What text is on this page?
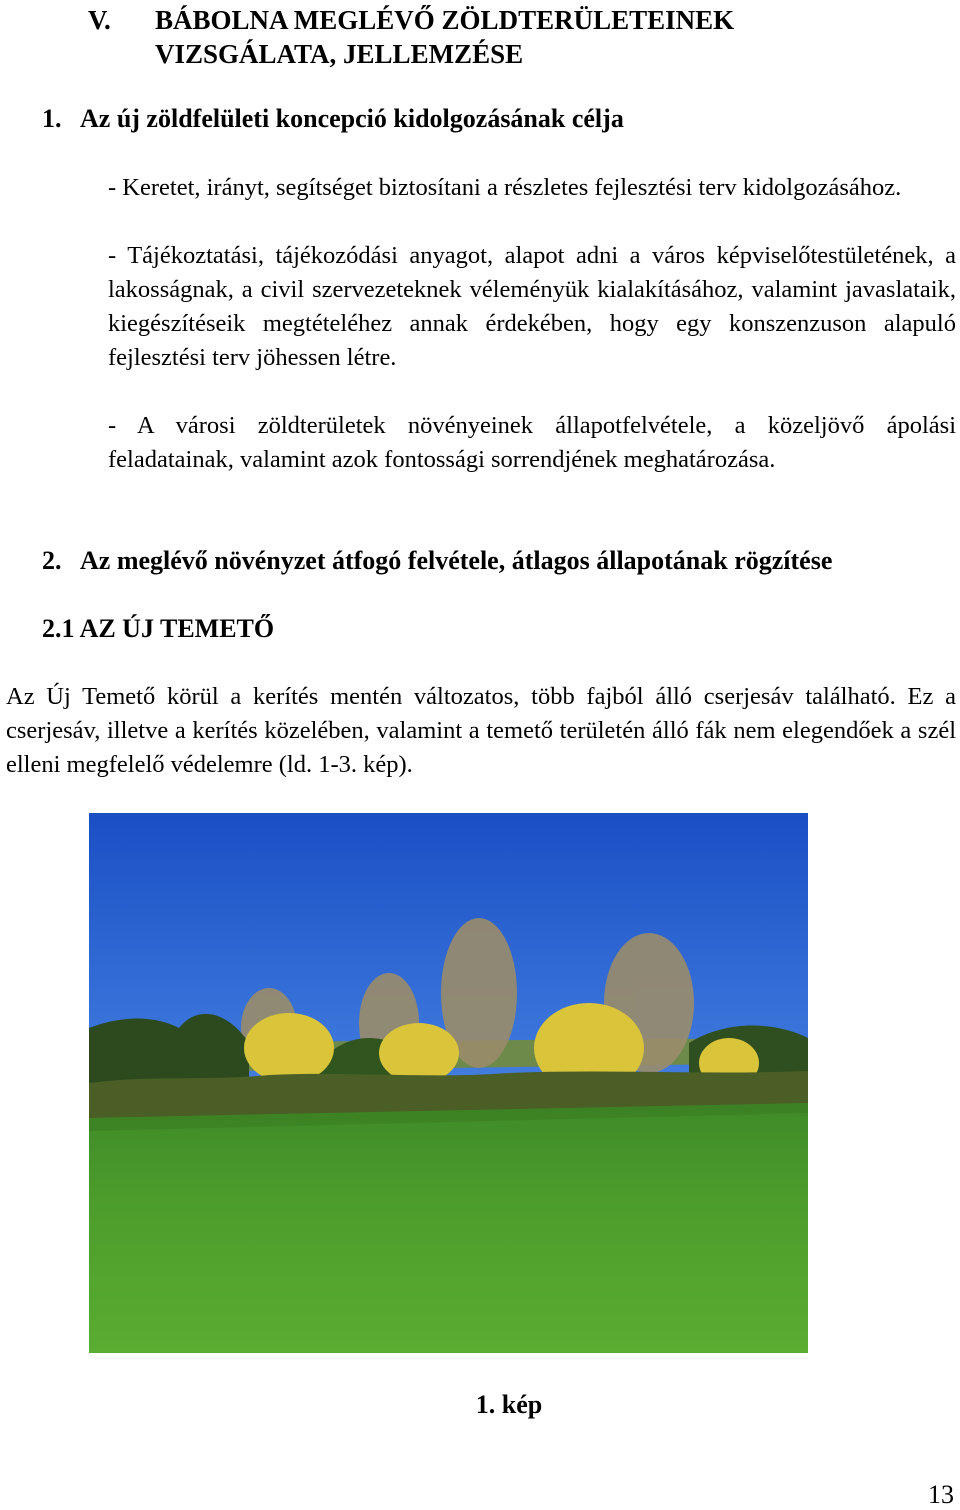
V. BÁBOLNA MEGLÉVŐ ZÖLDTERÜLETEINEK
VIZSGÁLATA, JELLEMZÉSE
1. Az új zöldfelületi koncepció kidolgozásának célja
- Keretet, irányt, segítséget biztosítani a részletes fejlesztési terv kidolgozásához.
- Tájékoztatási, tájékozódási anyagot, alapot adni a város képviselőtestületének, a lakosságnak, a civil szervezeteknek véleményük kialakításához, valamint javaslataik, kiegészítéseik megtételéhez annak érdekében, hogy egy konszenzuson alapuló fejlesztési terv jöhessen létre.
- A városi zöldterületek növényeinek állapotfelvétele, a közeljövő ápolási feladatainak, valamint azok fontossági sorrendjének meghatározása.
2. Az meglévő növényzet átfogó felvétele, átlagos állapotának rögzítése
2.1 AZ ÚJ TEMETŐ
Az Új Temető körül a kerítés mentén változatos, több fajból álló cserjesáv található. Ez a cserjesáv, illetve a kerítés közelében, valamint a temető területén álló fák nem elegendőek a szél elleni megfelelő védelemre (ld. 1-3. kép).
1. kép
13
